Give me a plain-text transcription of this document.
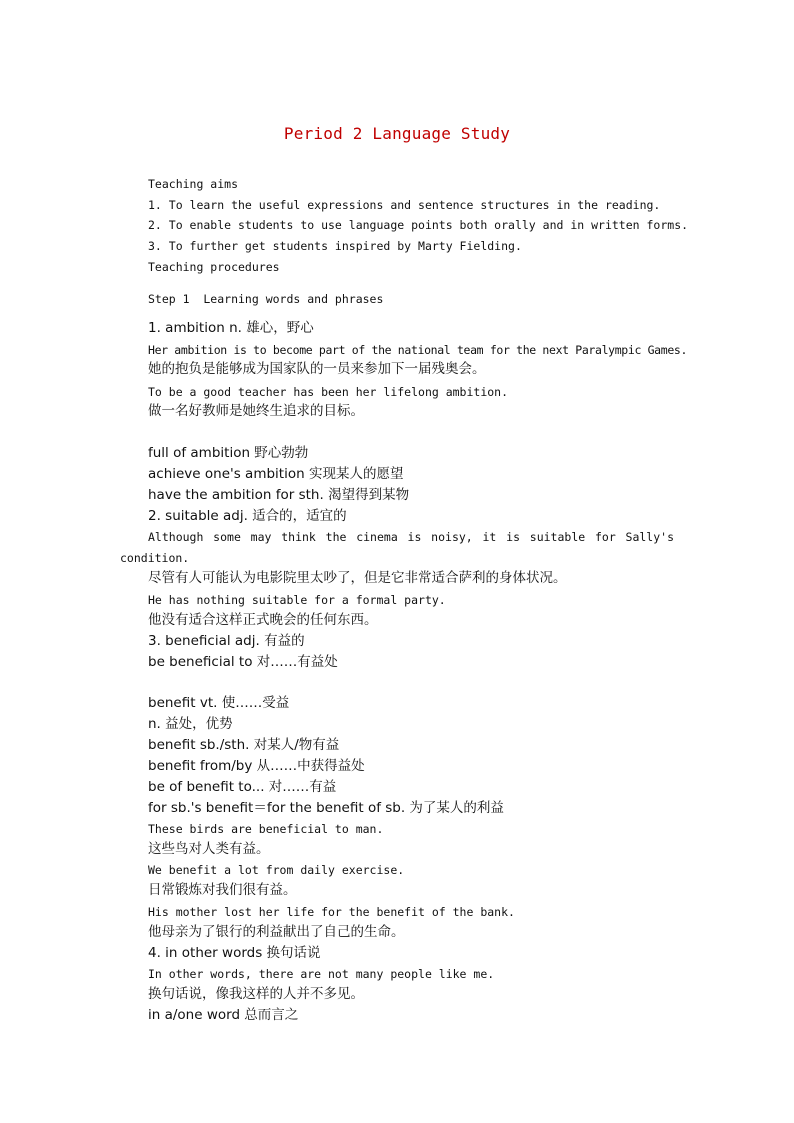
Period 2 Language Study
Teaching aims
1. To learn the useful expressions and sentence structures in the reading.
2. To enable students to use language points both orally and in written forms.
3. To further get students inspired by Marty Fielding.
Teaching procedures
Step 1  Learning words and phrases
1. ambition n. 雄心，野心
Her ambition is to become part of the national team for the next Paralympic Games.
她的抱负是能够成为国家队的一员来参加下一届残奥会。
To be a good teacher has been her lifelong ambition.
做一名好教师是她终生追求的目标。
full of ambition 野心勃勃
achieve one's ambition 实现某人的愿望
have the ambition for sth. 渴望得到某物
2. suitable adj. 适合的，适宜的
Although some may think the cinema is noisy, it is suitable for Sally's
condition.
尽管有人可能认为电影院里太吵了，但是它非常适合萨利的身体状况。
He has nothing suitable for a formal party.
他没有适合这样正式晚会的任何东西。
3. beneficial adj. 有益的
be beneficial to 对……有益处
benefit vt. 使……受益
n. 益处，优势
benefit sb./sth. 对某人/物有益
benefit from/by 从……中获得益处
be of benefit to... 对……有益
for sb.'s benefit＝for the benefit of sb. 为了某人的利益
These birds are beneficial to man.
这些鸟对人类有益。
We benefit a lot from daily exercise.
日常锻炼对我们很有益。
His mother lost her life for the benefit of the bank.
他母亲为了银行的利益献出了自己的生命。
4. in other words 换句话说
In other words, there are not many people like me.
换句话说，像我这样的人并不多见。
in a/one word 总而言之
